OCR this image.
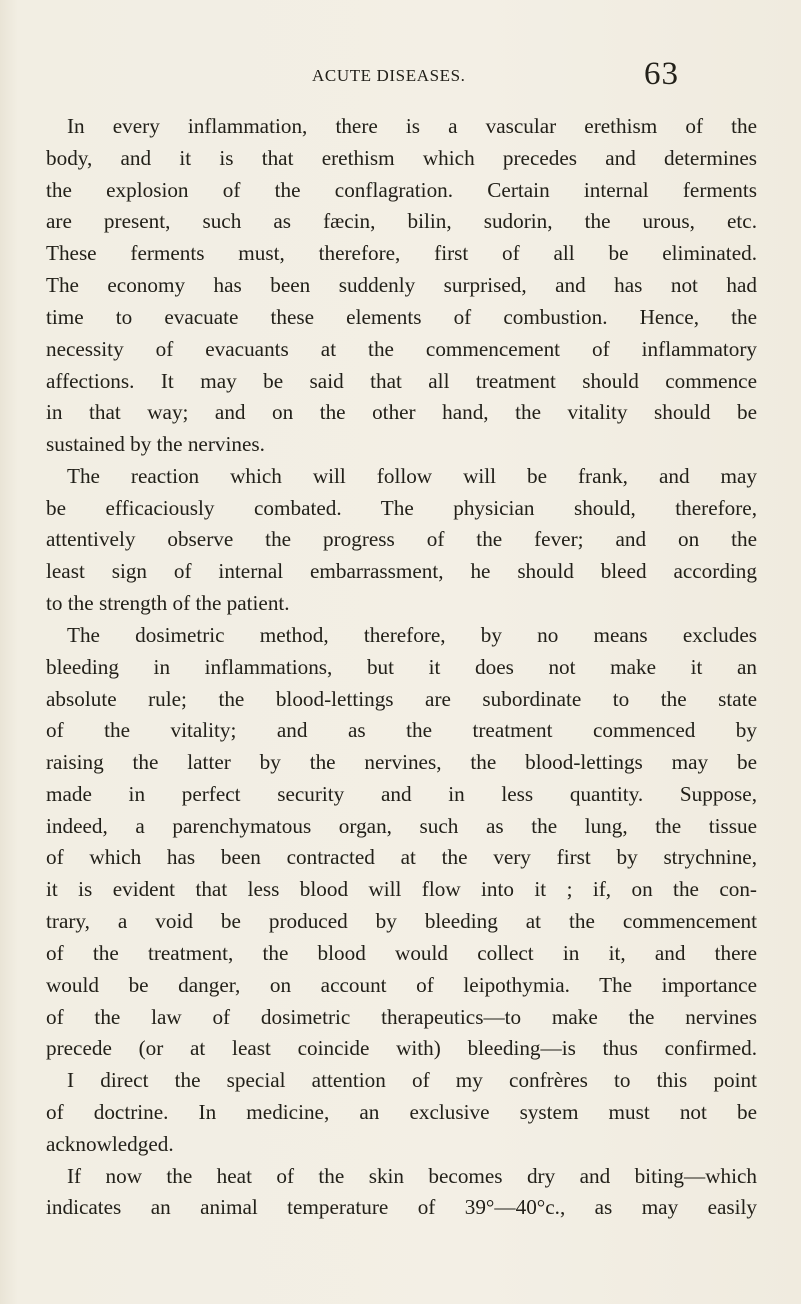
ACUTE DISEASES.	63
In every inflammation, there is a vascular erethism of the
body, and it is that erethism which precedes and determines
the explosion of the conflagration. Certain internal ferments
are present, such as fæcin, bilin, sudorin, the urous, etc.
These ferments must, therefore, first of all be eliminated.
The economy has been suddenly surprised, and has not had
time to evacuate these elements of combustion. Hence, the
necessity of evacuants at the commencement of inflammatory
affections. It may be said that all treatment should commence
in that way; and on the other hand, the vitality should be
sustained by the nervines.
The reaction which will follow will be frank, and may
be efficaciously combated. The physician should, therefore,
attentively observe the progress of the fever; and on the
least sign of internal embarrassment, he should bleed according
to the strength of the patient.
The dosimetric method, therefore, by no means excludes
bleeding in inflammations, but it does not make it an
absolute rule; the blood-lettings are subordinate to the state
of the vitality; and as the treatment commenced by
raising the latter by the nervines, the blood-lettings may be
made in perfect security and in less quantity. Suppose,
indeed, a parenchymatous organ, such as the lung, the tissue
of which has been contracted at the very first by strychnine,
it is evident that less blood will flow into it ; if, on the con-
trary, a void be produced by bleeding at the commencement
of the treatment, the blood would collect in it, and there
would be danger, on account of leipothymia. The importance
of the law of dosimetric therapeutics—to make the nervines
precede (or at least coincide with) bleeding—is thus confirmed.
I direct the special attention of my confrères to this point
of doctrine. In medicine, an exclusive system must not be
acknowledged.
If now the heat of the skin becomes dry and biting—which
indicates an animal temperature of 39°—40°c., as may easily
